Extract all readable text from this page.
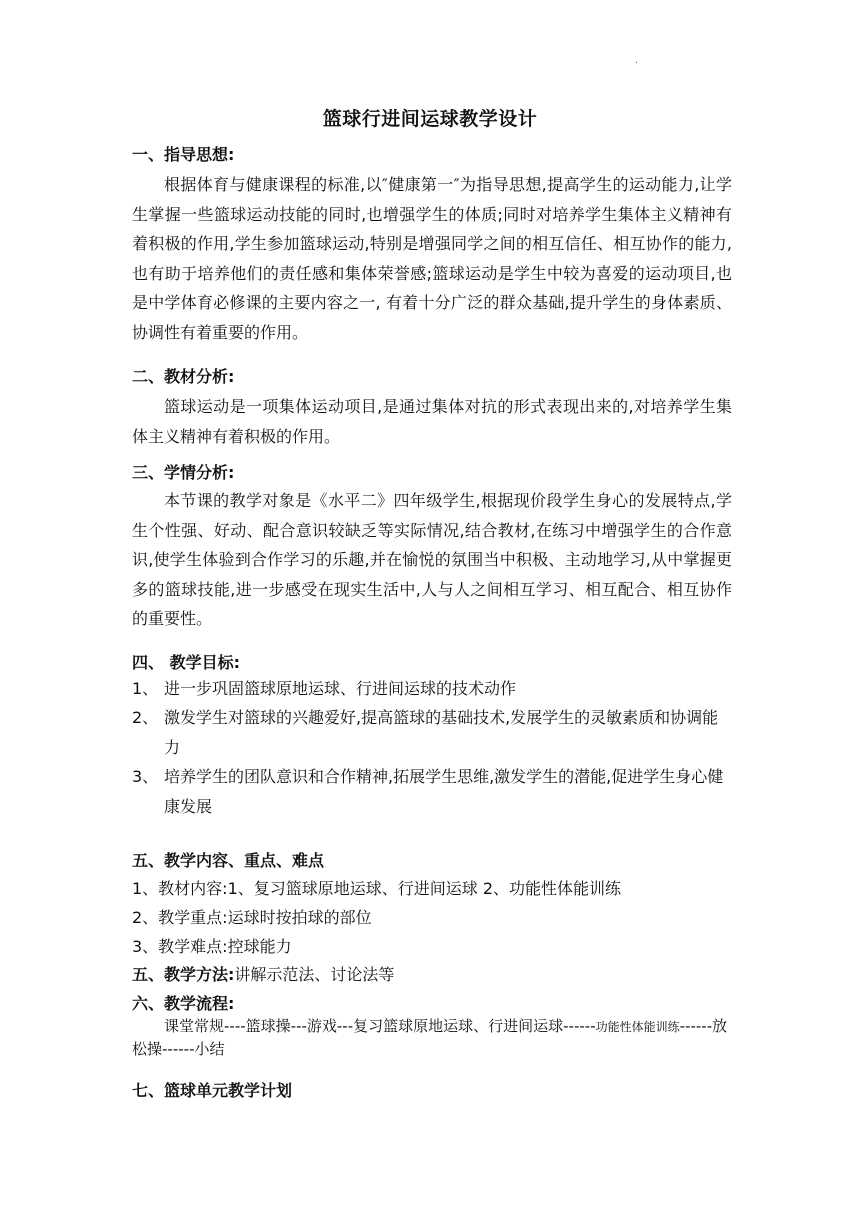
·
篮球行进间运球教学设计
一、指导思想:

根据体育与健康课程的标准,以″健康第一″为指导思想,提高学生的运动能力,让学生掌握一些篮球运动技能的同时,也增强学生的体质;同时对培养学生集体主义精神有着积极的作用,学生参加篮球运动,特别是增强同学之间的相互信任、相互协作的能力,也有助于培养他们的责任感和集体荣誉感;篮球运动是学生中较为喜爱的运动项目,也是中学体育必修课的主要内容之一, 有着十分广泛的群众基础,提升学生的身体素质、协调性有着重要的作用。

二、教材分析:

篮球运动是一项集体运动项目,是通过集体对抗的形式表现出来的,对培养学生集体主义精神有着积极的作用。

三、学情分析:

本节课的教学对象是《水平二》四年级学生,根据现价段学生身心的发展特点,学生个性强、好动、配合意识较缺乏等实际情况,结合教材,在练习中增强学生的合作意识,使学生体验到合作学习的乐趣,并在愉悦的氛围当中积极、主动地学习,从中掌握更多的篮球技能,进一步感受在现实生活中,人与人之间相互学习、相互配合、相互协作的重要性。

四、 教学目标:
1、 进一步巩固篮球原地运球、行进间运球的技术动作
2、 激发学生对篮球的兴趣爱好,提高篮球的基础技术,发展学生的灵敏素质和协调能力
3、 培养学生的团队意识和合作精神,拓展学生思维,激发学生的潜能,促进学生身心健康发展
五、教学内容、重点、难点
1、教材内容:1、复习篮球原地运球、行进间运球 2、功能性体能训练
2、教学重点:运球时按拍球的部位
3、教学难点:控球能力
五、教学方法:讲解示范法、讨论法等
六、教学流程:

课堂常规----篮球操---游戏---复习篮球原地运球、行进间运球------功能性体能训练------放松操------小结

七、篮球单元教学计划
